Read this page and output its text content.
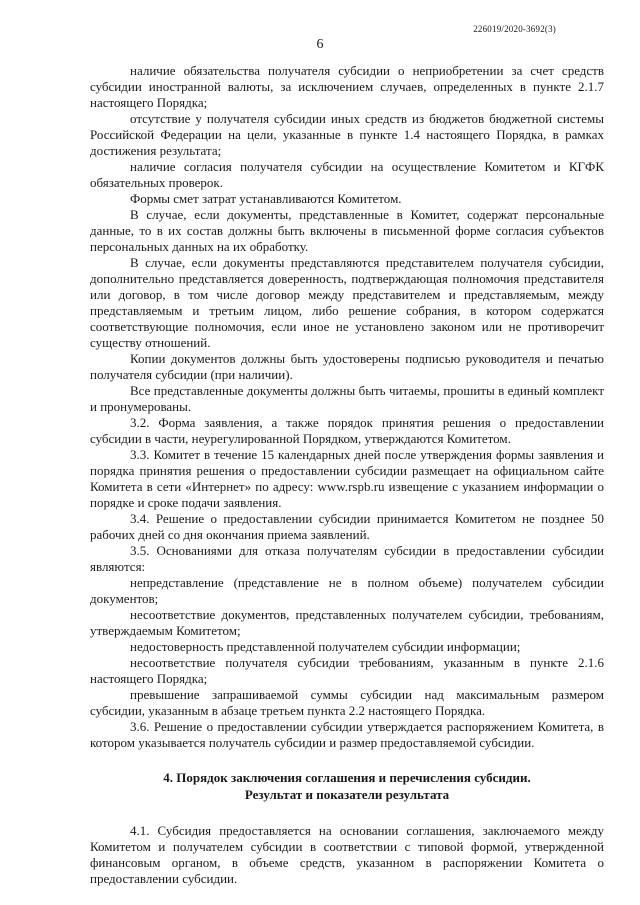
226019/2020-3692(3)
6

наличие обязательства получателя субсидии о неприобретении за счет средств субсидии иностранной валюты, за исключением случаев, определенных в пункте 2.1.7 настоящего Порядка;

отсутствие у получателя субсидии иных средств из бюджетов бюджетной системы Российской Федерации на цели, указанные в пункте 1.4 настоящего Порядка, в рамках достижения результата;

наличие согласия получателя субсидии на осуществление Комитетом и КГФК обязательных проверок.

Формы смет затрат устанавливаются Комитетом.

В случае, если документы, представленные в Комитет, содержат персональные данные, то в их состав должны быть включены в письменной форме согласия субъектов персональных данных на их обработку.

В случае, если документы представляются представителем получателя субсидии, дополнительно представляется доверенность, подтверждающая полномочия представителя или договор, в том числе договор между представителем и представляемым, между представляемым и третьим лицом, либо решение собрания, в котором содержатся соответствующие полномочия, если иное не установлено законом или не противоречит существу отношений.

Копии документов должны быть удостоверены подписью руководителя и печатью получателя субсидии (при наличии).

Все представленные документы должны быть читаемы, прошиты в единый комплект и пронумерованы.

3.2. Форма заявления, а также порядок принятия решения о предоставлении субсидии в части, неурегулированной Порядком, утверждаются Комитетом.

3.3. Комитет в течение 15 календарных дней после утверждения формы заявления и порядка принятия решения о предоставлении субсидии размещает на официальном сайте Комитета в сети «Интернет» по адресу: www.rspb.ru извещение с указанием информации о порядке и сроке подачи заявления.

3.4. Решение о предоставлении субсидии принимается Комитетом не позднее 50 рабочих дней со дня окончания приема заявлений.

3.5. Основаниями для отказа получателям субсидии в предоставлении субсидии являются:

непредставление (представление не в полном объеме) получателем субсидии документов;

несоответствие документов, представленных получателем субсидии, требованиям, утверждаемым Комитетом;

недостоверность представленной получателем субсидии информации;

несоответствие получателя субсидии требованиям, указанным в пункте 2.1.6 настоящего Порядка;

превышение запрашиваемой суммы субсидии над максимальным размером субсидии, указанным в абзаце третьем пункта 2.2 настоящего Порядка.

3.6. Решение о предоставлении субсидии утверждается распоряжением Комитета, в котором указывается получатель субсидии и размер предоставляемой субсидии.

4. Порядок заключения соглашения и перечисления субсидии.
Результат и показатели результата

4.1. Субсидия предоставляется на основании соглашения, заключаемого между Комитетом и получателем субсидии в соответствии с типовой формой, утвержденной финансовым органом, в объеме средств, указанном в распоряжении Комитета о предоставлении субсидии.
